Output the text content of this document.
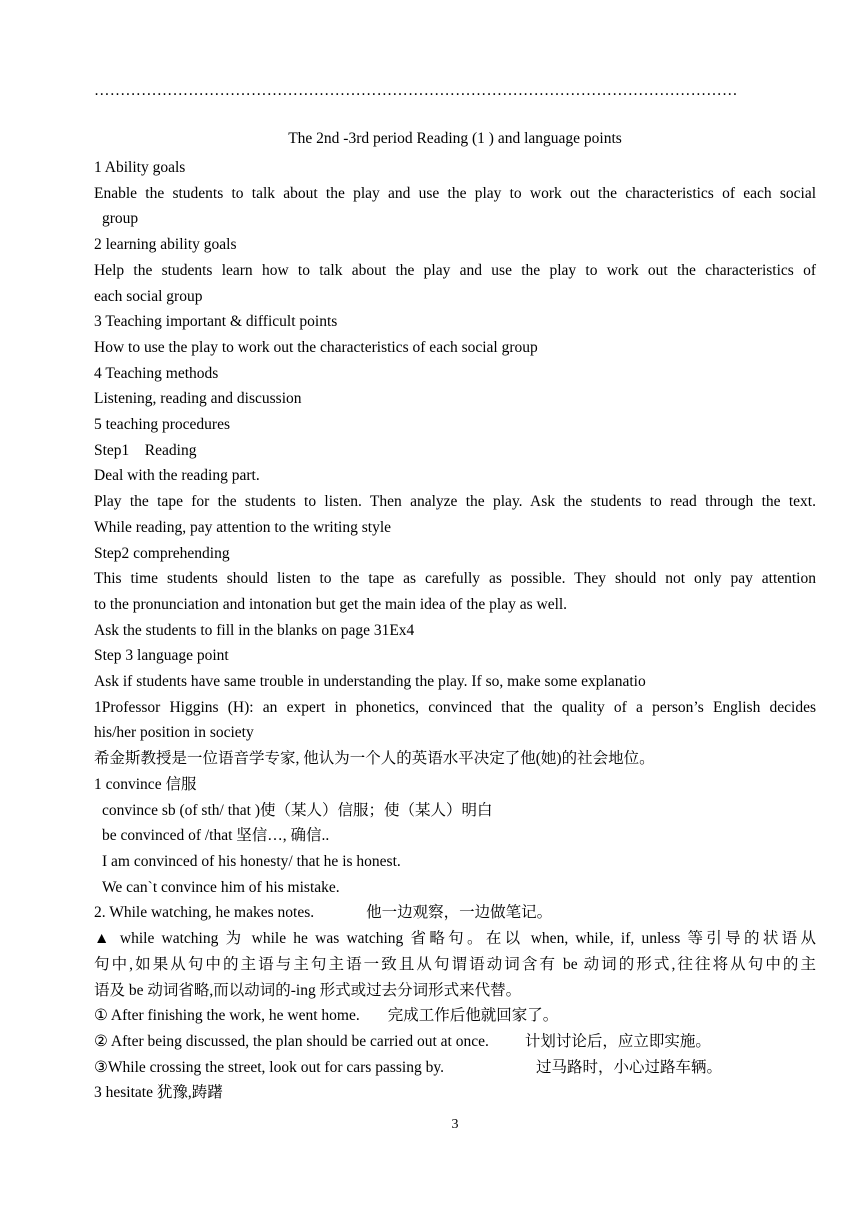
……………………………………………………………………………………………………………
The 2nd -3rd period Reading (1 ) and language points
1 Ability goals
Enable the students to talk about the play and use the play to work out the characteristics of each social
group
2 learning ability goals
Help the students learn how to talk about the play and use the play to work out the characteristics of
each social group
3 Teaching important & difficult points
How to use the play to work out the characteristics of each social group
4 Teaching methods
Listening, reading and discussion
5 teaching procedures
Step1    Reading
Deal with the reading part.
Play the tape for the students to listen. Then analyze the play. Ask the students to read through the text.
While reading, pay attention to the writing style
Step2 comprehending
This time students should listen to the tape as carefully as possible. They should not only pay attention
to the pronunciation and intonation but get the main idea of the play as well.
Ask the students to fill in the blanks on page 31Ex4
Step 3 language point
Ask if students have same trouble in understanding the play. If so, make some explanatio
1Professor Higgins (H): an expert in phonetics, convinced that the quality of a person’s English decides
his/her position in society
希金斯教授是一位语音学专家, 他认为一个人的英语水平决定了他(她)的社会地位。
1 convince 信服
convince sb (of sth/ that )使（某人）信服；使（某人）明白
be convinced of /that 坚信…, 确信..
I am convinced of his honesty/ that he is honest.
We can`t convince him of his mistake.
2. While watching, he makes notes.	他一边观察，一边做笔记。
▲ while watching 为 while he was watching 省略句。在以 when, while, if, unless 等引导的状语从
句中,如果从句中的主语与主句主语一致且从句谓语动词含有 be 动词的形式,往往将从句中的主
语及 be 动词省略,而以动词的-ing 形式或过去分词形式来代替。
① After finishing the work, he went home. 完成工作后他就回家了。
② After being discussed, the plan should be carried out at once. 计划讨论后，应立即实施。
③While crossing the street, look out for cars passing by.	过马路时，小心过路车辆。
3 hesitate 犹豫,踌躇
3
